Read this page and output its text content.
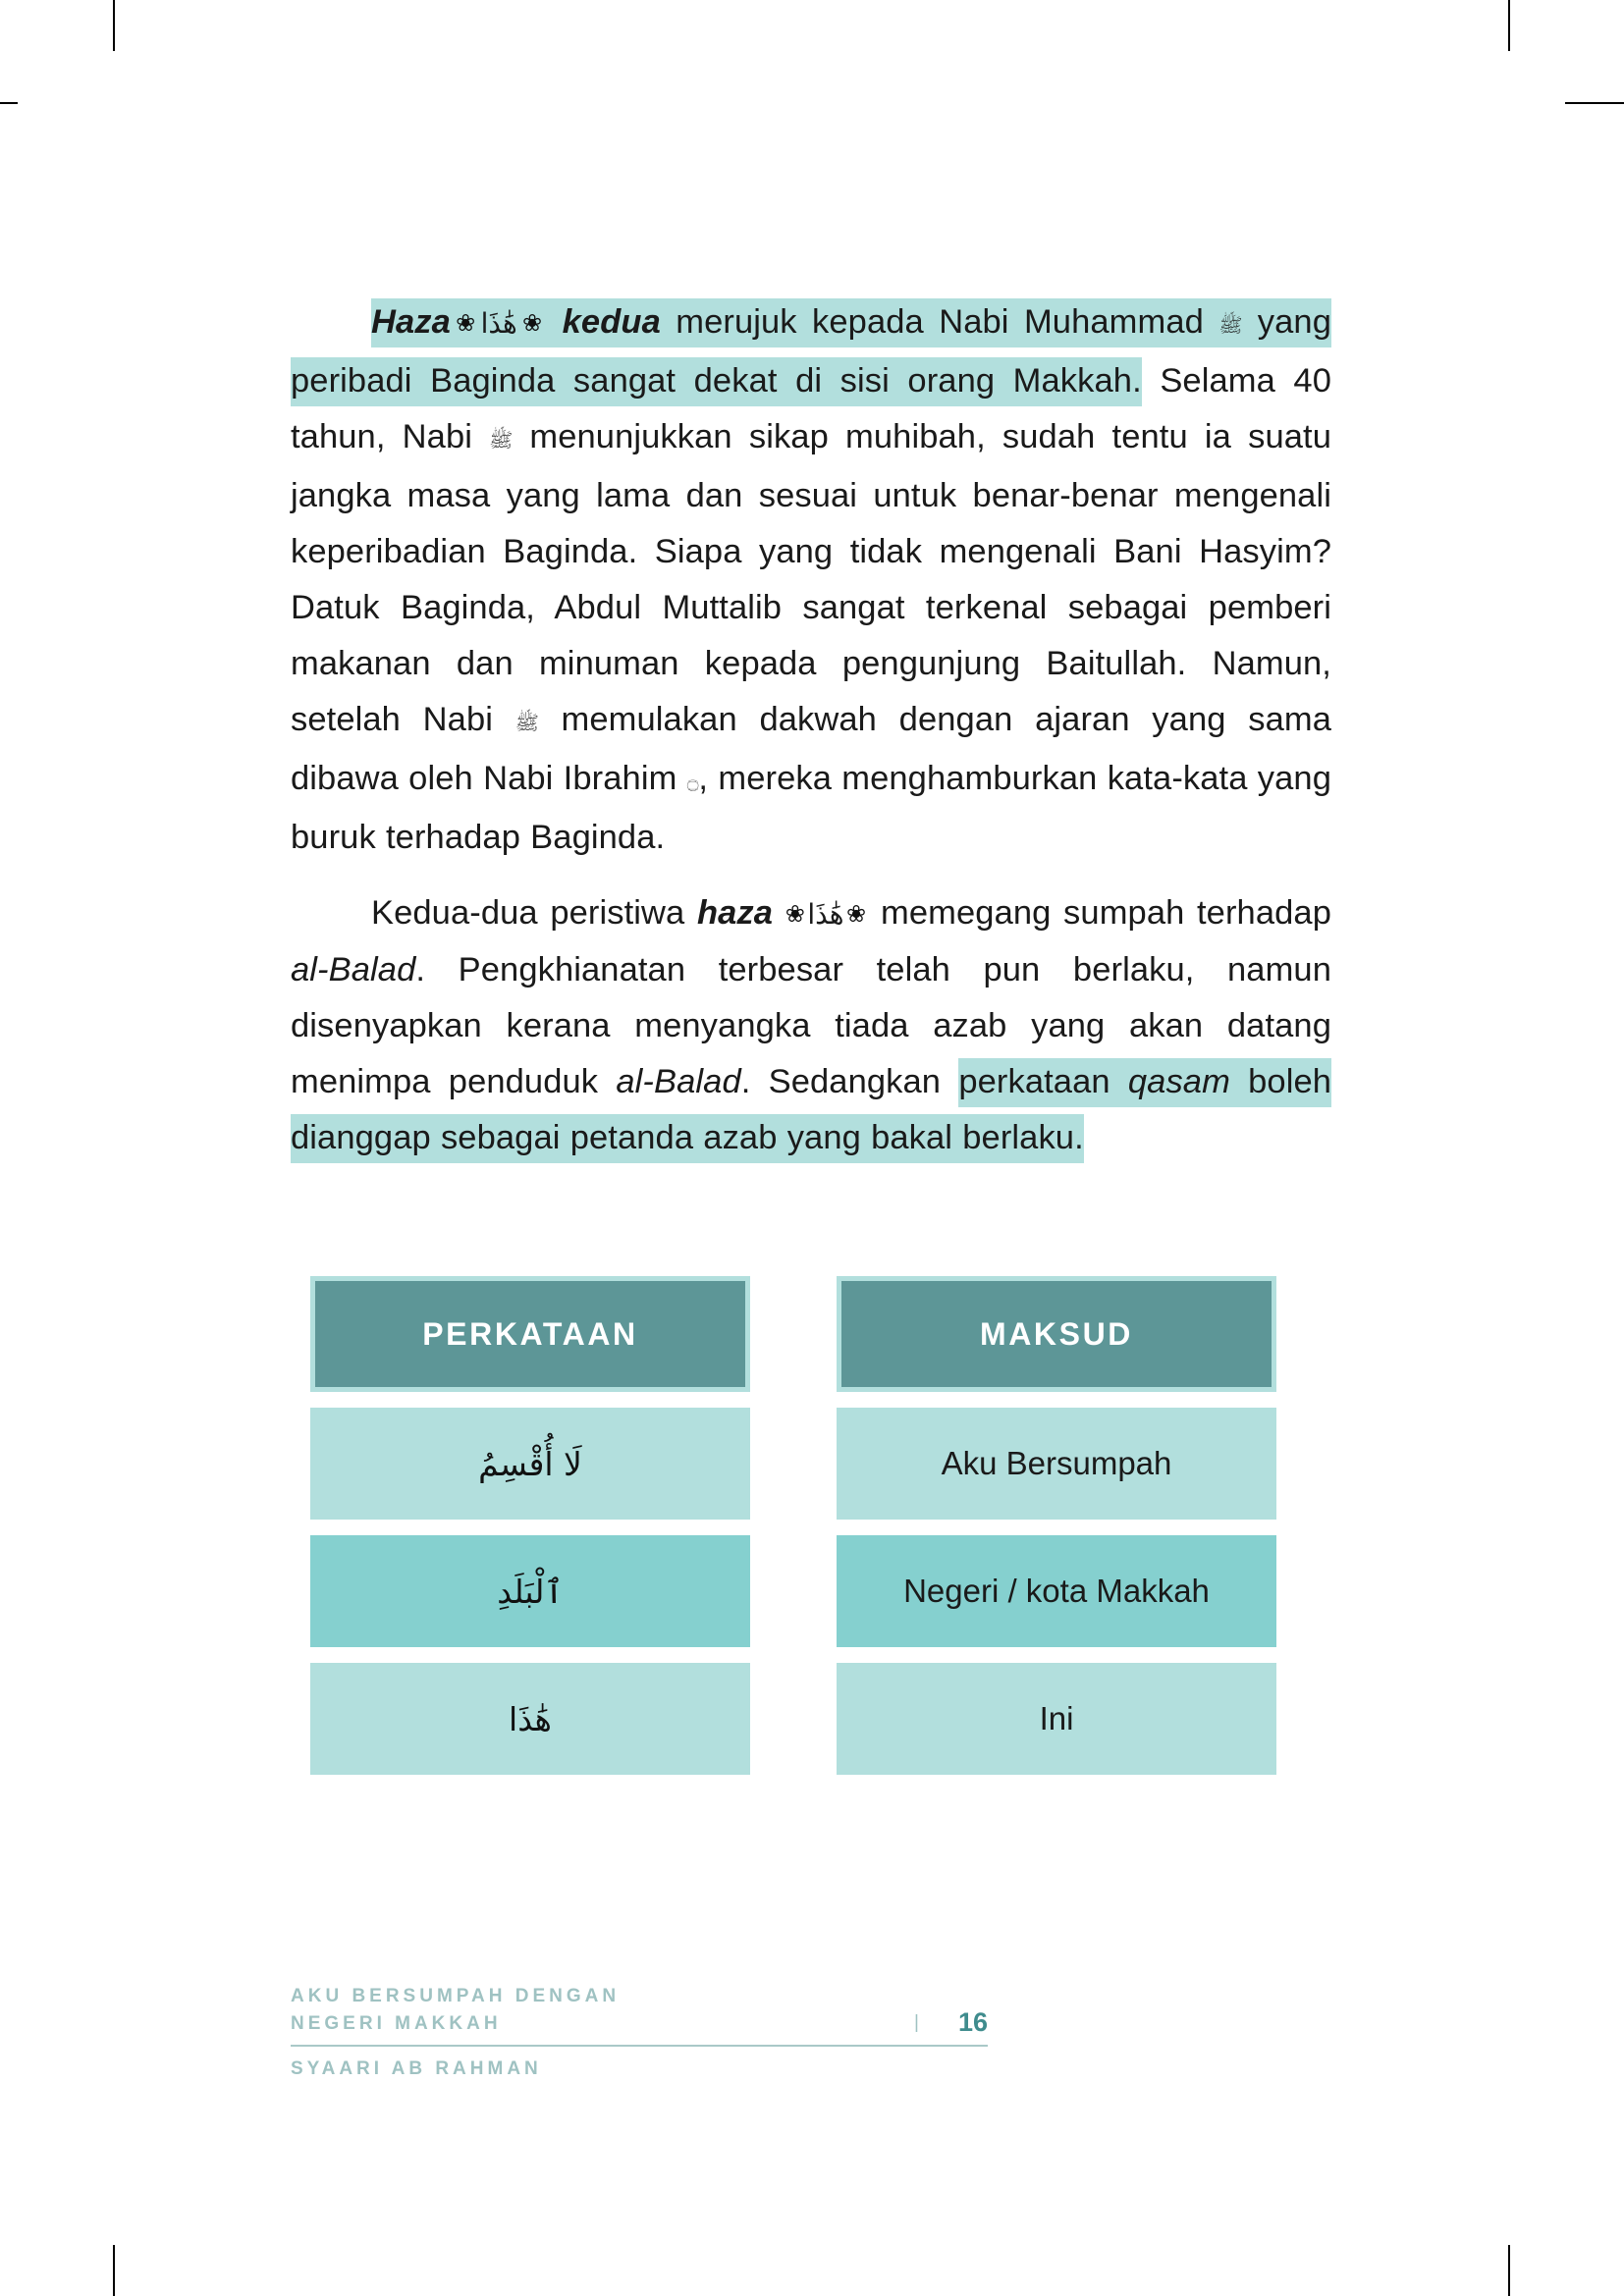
Haza❀هَٰذَا❀ kedua merujuk kepada Nabi Muhammad ﷺ yang peribadi Baginda sangat dekat di sisi orang Makkah. Selama 40 tahun, Nabi ﷺ menunjukkan sikap muhibah, sudah tentu ia suatu jangka masa yang lama dan sesuai untuk benar-benar mengenali keperibadian Baginda. Siapa yang tidak mengenali Bani Hasyim? Datuk Baginda, Abdul Muttalib sangat terkenal sebagai pemberi makanan dan minuman kepada pengunjung Baitullah. Namun, setelah Nabi ﷺ memulakan dakwah dengan ajaran yang sama dibawa oleh Nabi Ibrahim ۝, mereka menghamburkan kata-kata yang buruk terhadap Baginda.

Kedua-dua peristiwa haza ❀هَٰذَا❀ memegang sumpah terhadap al-Balad. Pengkhianatan terbesar telah pun berlaku, namun disenyapkan kerana menyangka tiada azab yang akan datang menimpa penduduk al-Balad. Sedangkan perkataan qasam boleh dianggap sebagai petanda azab yang bakal berlaku.

PERKATAAN
لَا أُقْسِمُ
ٱلْبَلَدِ
هَٰذَا
MAKSUD
Aku Bersumpah
Negeri / kota Makkah
Ini
AKU BERSUMPAH DENGAN
NEGERI MAKKAH	| 16
SYAARI AB RAHMAN
